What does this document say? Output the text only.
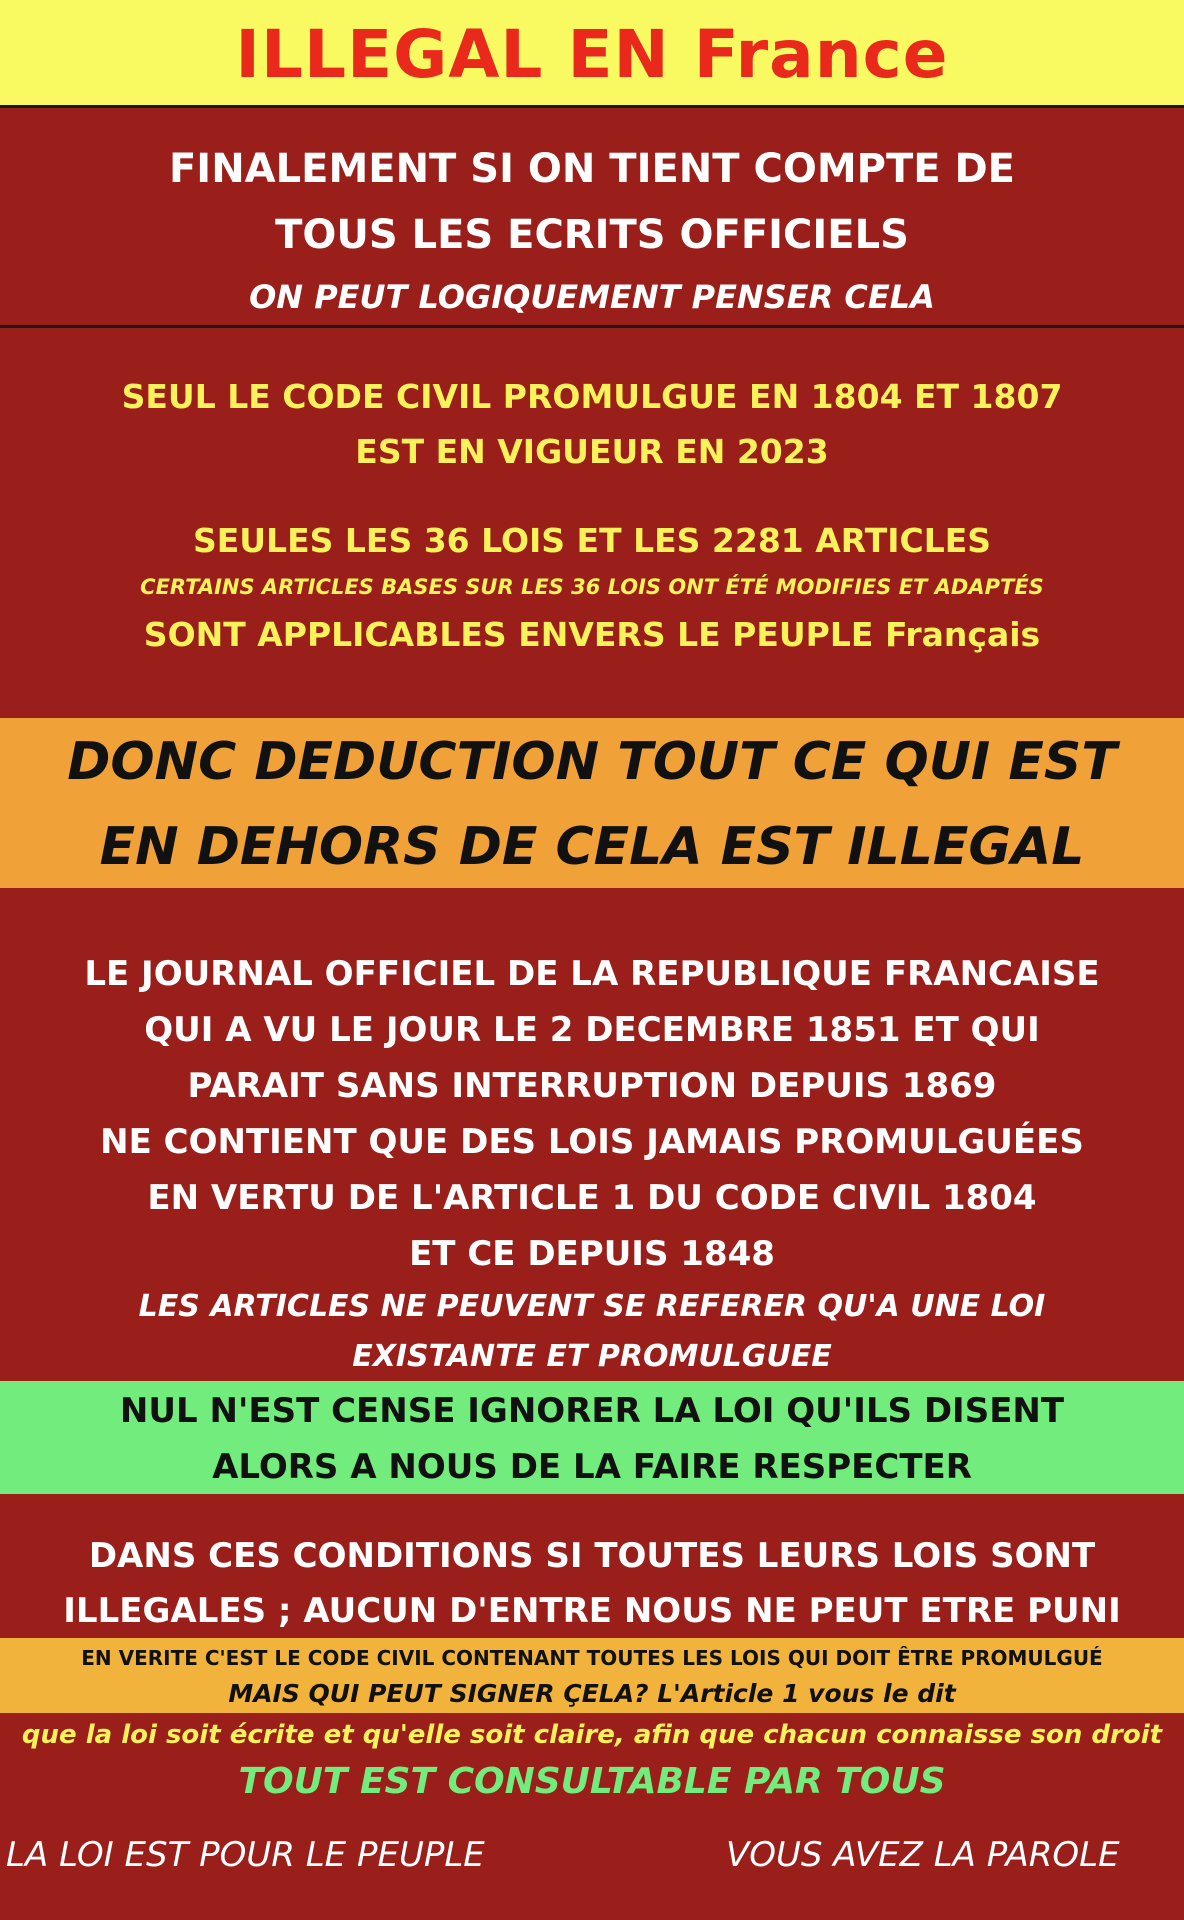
ILLEGAL EN France
FINALEMENT SI ON TIENT COMPTE DE
TOUS LES ECRITS OFFICIELS
ON PEUT LOGIQUEMENT PENSER CELA
SEUL LE CODE CIVIL PROMULGUE EN 1804 ET 1807
EST EN VIGUEUR EN 2023
SEULES LES 36 LOIS ET LES 2281 ARTICLES
CERTAINS ARTICLES BASES SUR LES 36 LOIS ONT ÉTÉ MODIFIES ET ADAPTÉS
SONT APPLICABLES ENVERS LE PEUPLE Français
DONC DEDUCTION TOUT CE QUI EST
EN DEHORS DE CELA EST ILLEGAL
LE JOURNAL OFFICIEL DE LA REPUBLIQUE FRANCAISE
QUI A VU LE JOUR LE 2 DECEMBRE 1851 ET QUI
PARAIT SANS INTERRUPTION DEPUIS 1869
NE CONTIENT QUE DES LOIS JAMAIS PROMULGUÉES
EN VERTU DE L'ARTICLE 1 DU CODE CIVIL 1804
ET CE DEPUIS 1848
LES ARTICLES NE PEUVENT SE REFERER QU'A UNE LOI
EXISTANTE ET PROMULGUEE
NUL N'EST CENSE IGNORER LA LOI QU'ILS DISENT
ALORS A NOUS DE LA FAIRE RESPECTER
DANS CES CONDITIONS SI TOUTES LEURS LOIS SONT
ILLEGALES ; AUCUN D'ENTRE NOUS NE PEUT ETRE PUNI
EN VERITE C'EST LE CODE CIVIL CONTENANT TOUTES LES LOIS QUI DOIT ÊTRE PROMULGUÉ
MAIS QUI PEUT SIGNER ÇELA? L'Article 1 vous le dit
que la loi soit écrite et qu'elle soit claire, afin que chacun connaisse son droit
TOUT EST CONSULTABLE PAR TOUS
LA LOI EST POUR LE PEUPLE	VOUS AVEZ LA PAROLE
